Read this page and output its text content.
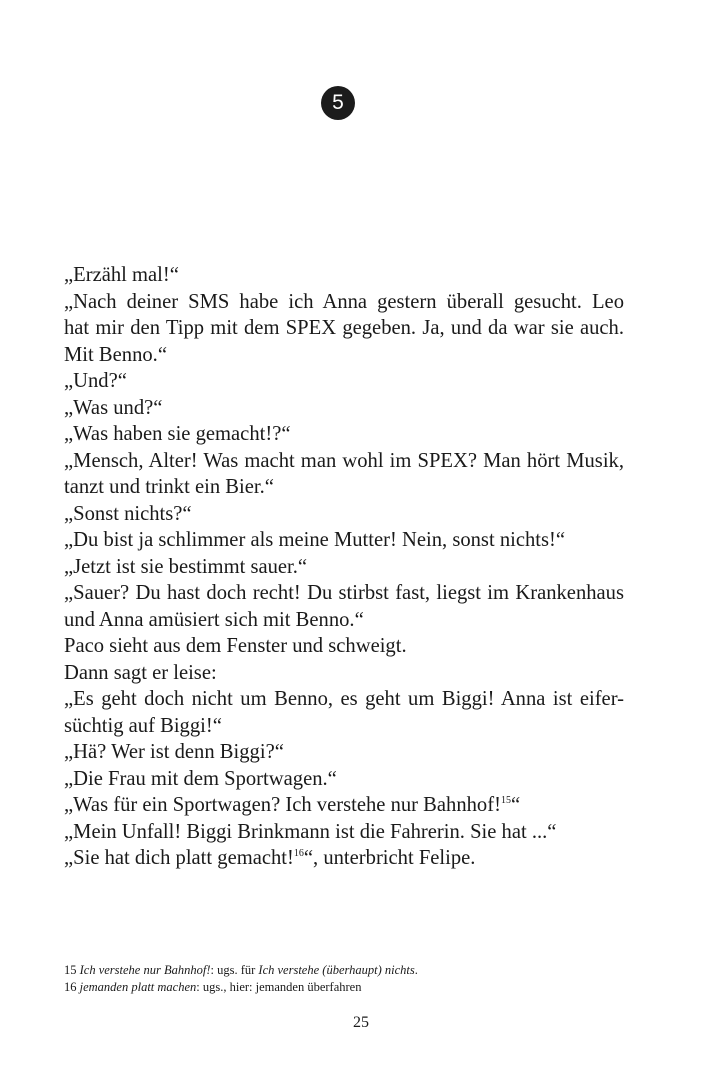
5
„Erzähl mal!“
„Nach deiner SMS habe ich Anna gestern überall gesucht. Leo
hat mir den Tipp mit dem SPEX gegeben. Ja, und da war sie auch.
Mit Benno.“
„Und?“
„Was und?“
„Was haben sie gemacht!?“
„Mensch, Alter! Was macht man wohl im SPEX? Man hört Musik,
tanzt und trinkt ein Bier.“
„Sonst nichts?“
„Du bist ja schlimmer als meine Mutter! Nein, sonst nichts!“
„Jetzt ist sie bestimmt sauer.“
„Sauer? Du hast doch recht! Du stirbst fast, liegst im Krankenhaus
und Anna amüsiert sich mit Benno.“
Paco sieht aus dem Fenster und schweigt.
Dann sagt er leise:
„Es geht doch nicht um Benno, es geht um Biggi! Anna ist eifer-
süchtig auf Biggi!“
„Hä? Wer ist denn Biggi?“
„Die Frau mit dem Sportwagen.“
„Was für ein Sportwagen? Ich verstehe nur Bahnhof!$^{15}$“
„Mein Unfall! Biggi Brinkmann ist die Fahrerin. Sie hat ...“
„Sie hat dich platt gemacht!$^{16}$“, unterbricht Felipe.
15 Ich verstehe nur Bahnhof!: ugs. für Ich verstehe (überhaupt) nichts.
16 jemanden platt machen: ugs., hier: jemanden überfahren
25
